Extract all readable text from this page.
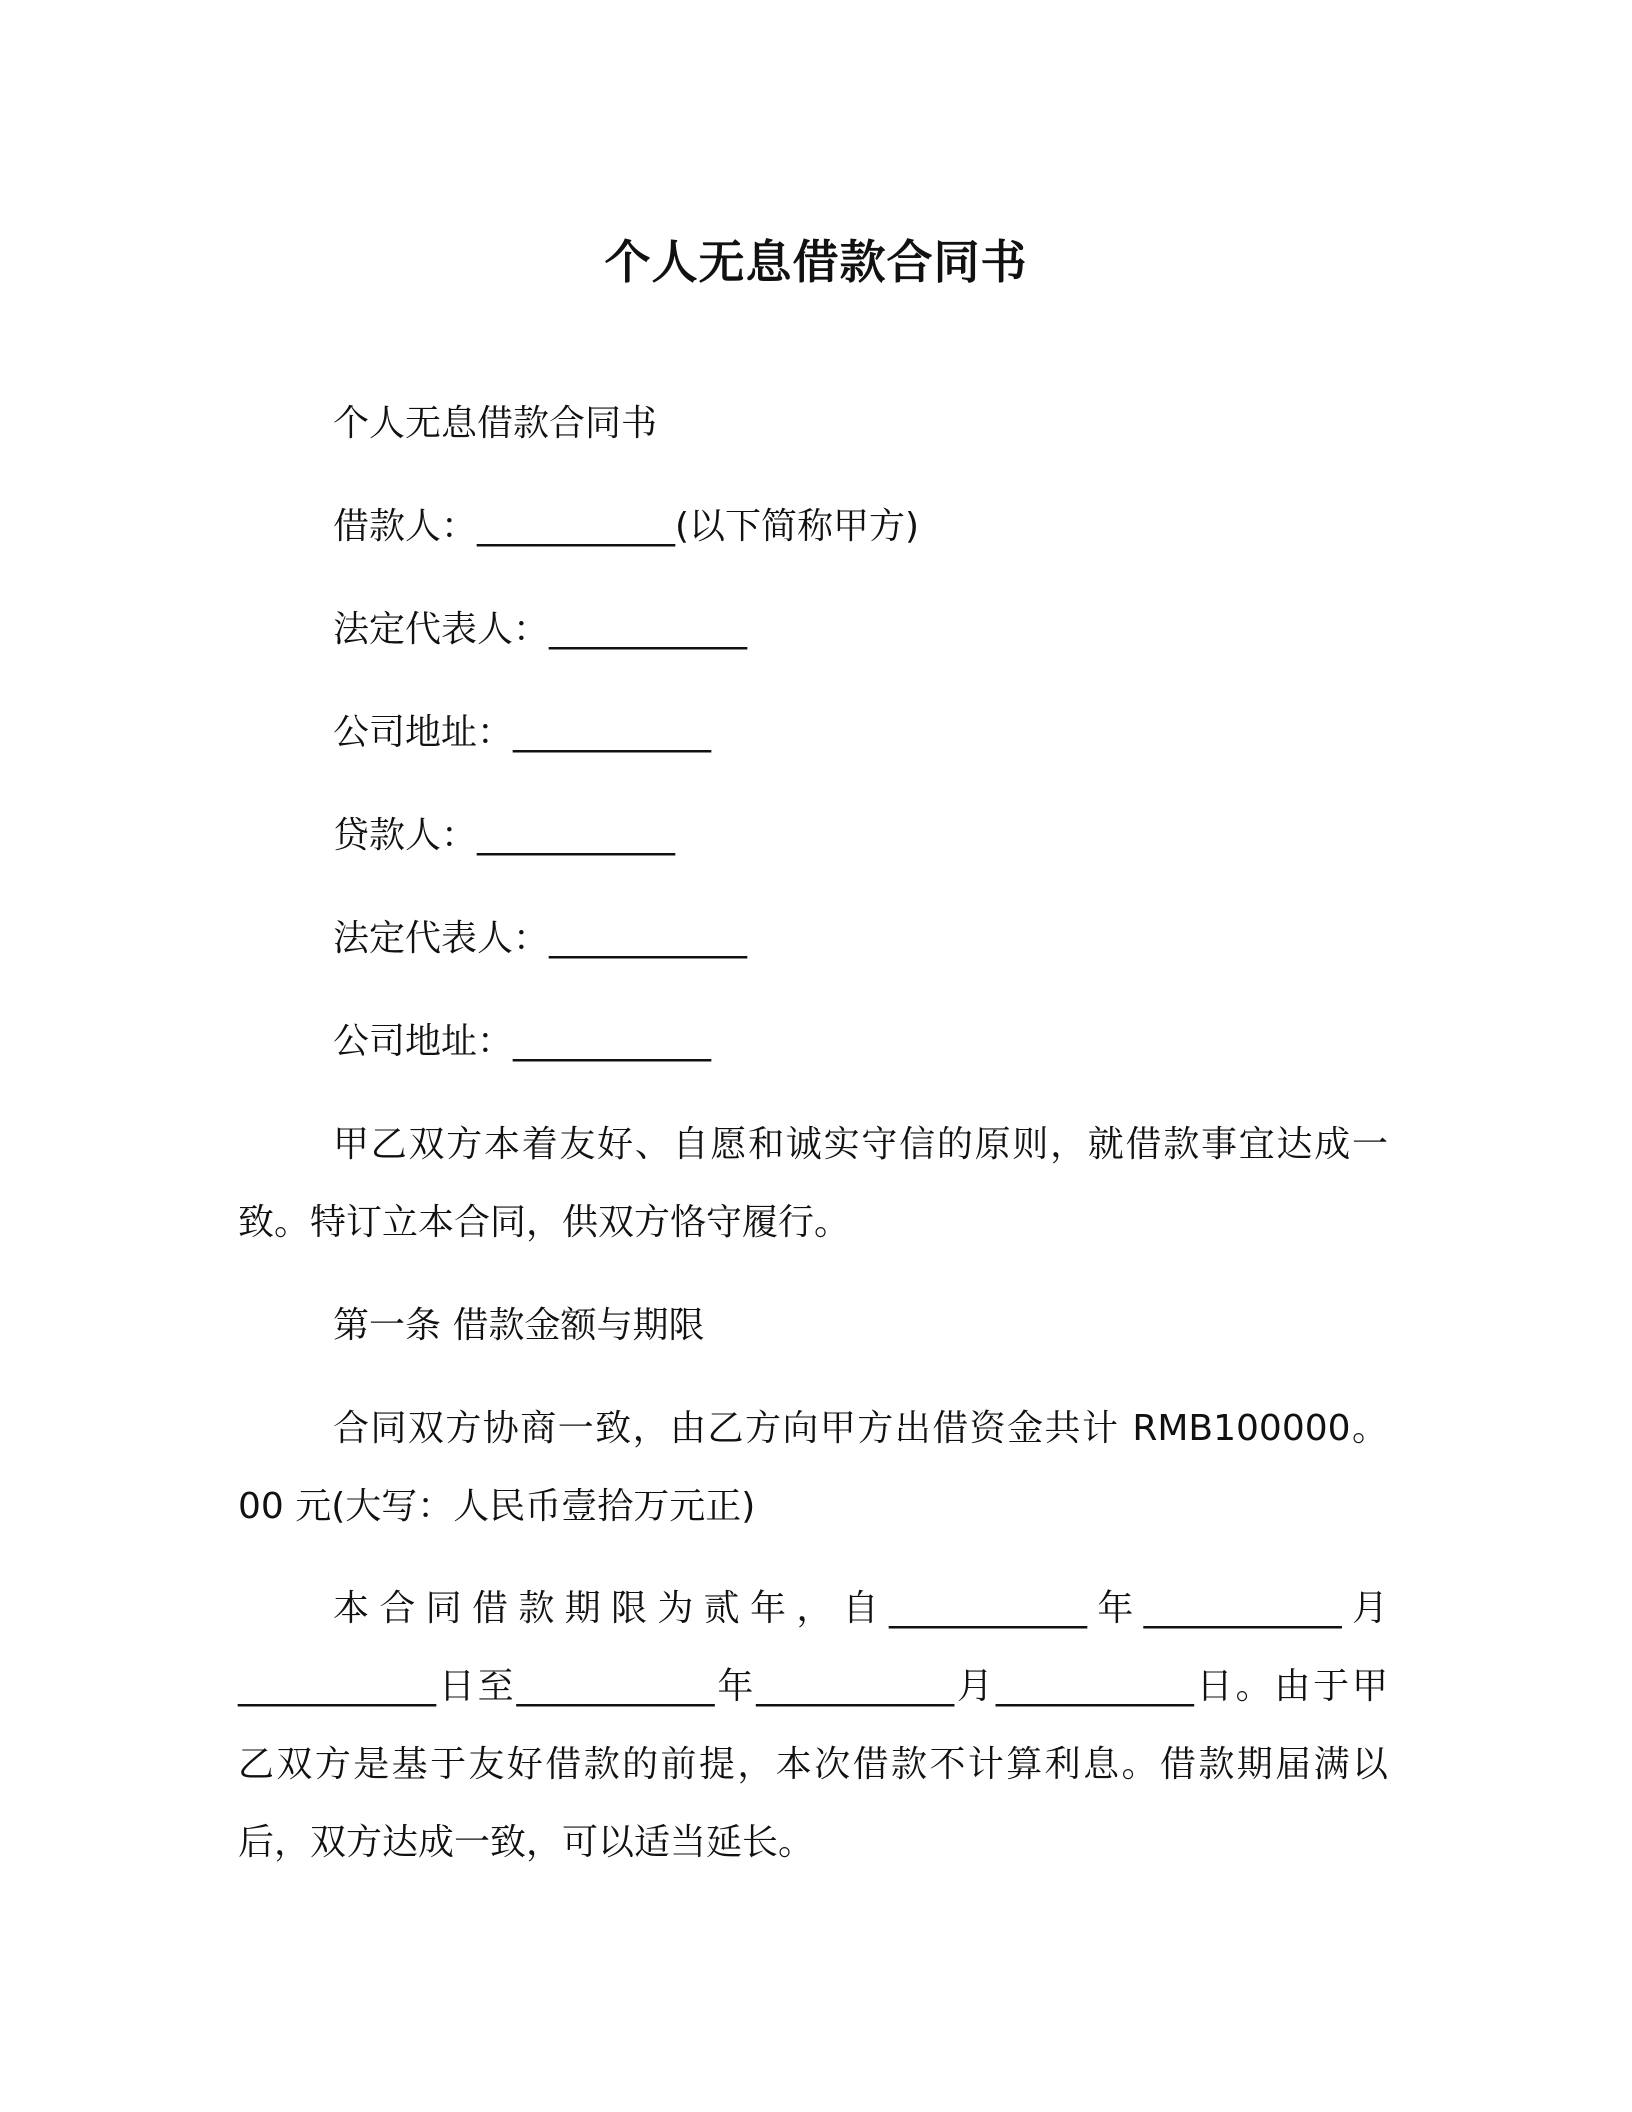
个人无息借款合同书
个人无息借款合同书
借款人：___________(以下简称甲方)
法定代表人：___________
公司地址：___________
贷款人：___________
法定代表人：___________
公司地址：___________

甲乙双方本着友好、自愿和诚实守信的原则，就借款事宜达成一致。特订立本合同，供双方恪守履行。

第一条 借款金额与期限

合同双方协商一致，由乙方向甲方出借资金共计 RMB100000。00 元(大写：人民币壹拾万元正)

本合同借款期限为贰年，自___________年___________月___________日至___________年___________月___________日。由于甲乙双方是基于友好借款的前提，本次借款不计算利息。借款期届满以后，双方达成一致，可以适当延长。
